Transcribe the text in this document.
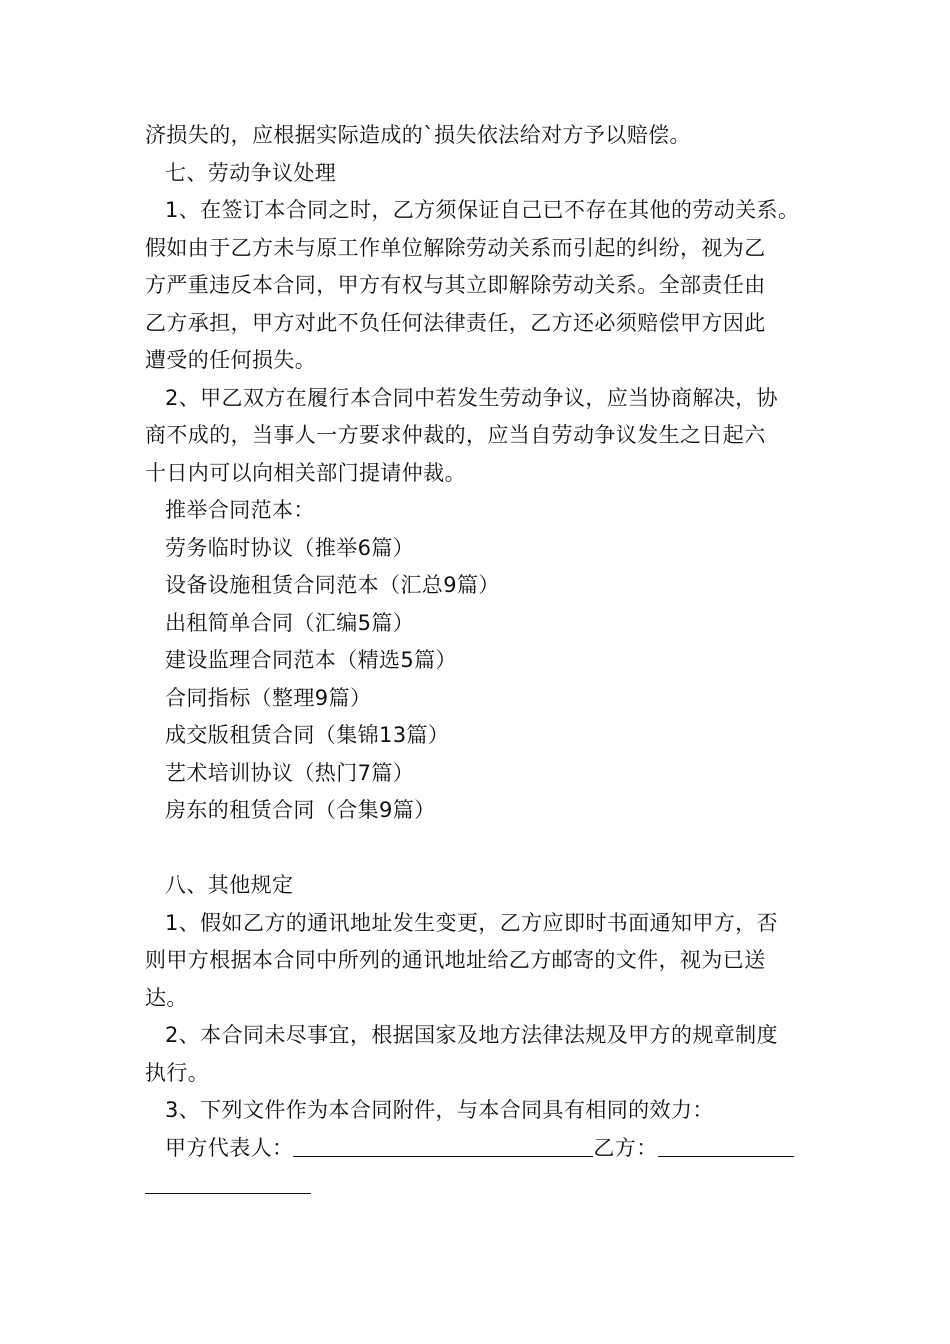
济损失的，应根据实际造成的`损失依法给对方予以赔偿。
七、劳动争议处理
1、在签订本合同之时，乙方须保证自己已不存在其他的劳动关系。
假如由于乙方未与原工作单位解除劳动关系而引起的纠纷，视为乙
方严重违反本合同，甲方有权与其立即解除劳动关系。全部责任由
乙方承担，甲方对此不负任何法律责任，乙方还必须赔偿甲方因此
遭受的任何损失。
2、甲乙双方在履行本合同中若发生劳动争议，应当协商解决，协
商不成的，当事人一方要求仲裁的，应当自劳动争议发生之日起六
十日内可以向相关部门提请仲裁。
推举合同范本：
劳务临时协议（推举6篇）
设备设施租赁合同范本（汇总9篇）
出租简单合同（汇编5篇）
建设监理合同范本（精选5篇）
合同指标（整理9篇）
成交版租赁合同（集锦13篇）
艺术培训协议（热门7篇）
房东的租赁合同（合集9篇）
八、其他规定
1、假如乙方的通讯地址发生变更，乙方应即时书面通知甲方，否
则甲方根据本合同中所列的通讯地址给乙方邮寄的文件，视为已送
达。
2、本合同未尽事宜，根据国家及地方法律法规及甲方的规章制度
执行。
3、下列文件作为本合同附件，与本合同具有相同的效力：
甲方代表人：	乙方：
